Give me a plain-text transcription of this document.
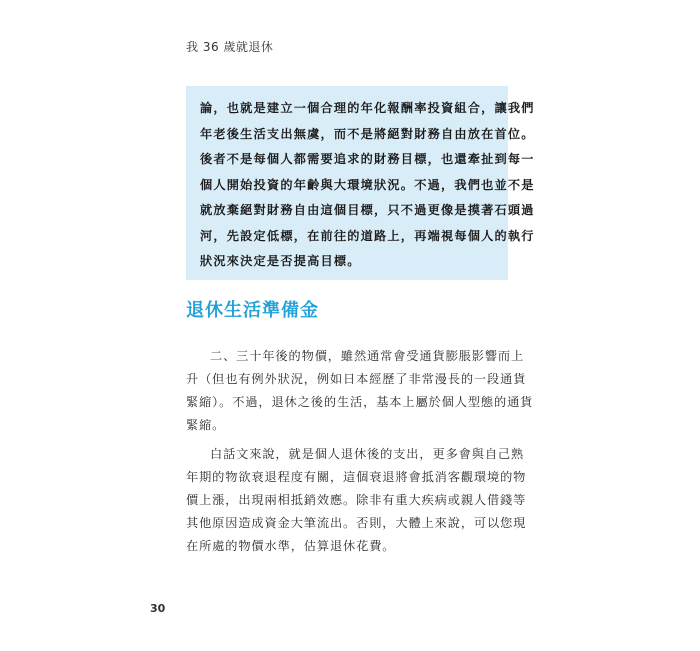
我 36 歲就退休
論，也就是建立一個合理的年化報酬率投資組合，讓我們
年老後生活支出無虞，而不是將絕對財務自由放在首位。
後者不是每個人都需要追求的財務目標，也還牽扯到每一
個人開始投資的年齡與大環境狀況。不過，我們也並不是
就放棄絕對財務自由這個目標，只不過更像是摸著石頭過
河，先設定低標，在前往的道路上，再端視每個人的執行
狀況來決定是否提高目標。
退休生活準備金
二、三十年後的物價，雖然通常會受通貨膨脹影響而上
升（但也有例外狀況，例如日本經歷了非常漫長的一段通貨
緊縮）。不過，退休之後的生活，基本上屬於個人型態的通貨
緊縮。
白話文來說，就是個人退休後的支出，更多會與自己熟
年期的物欲衰退程度有關，這個衰退將會抵消客觀環境的物
價上漲，出現兩相抵銷效應。除非有重大疾病或親人借錢等
其他原因造成資金大筆流出。否則，大體上來說，可以您現
在所處的物價水準，估算退休花費。
30
